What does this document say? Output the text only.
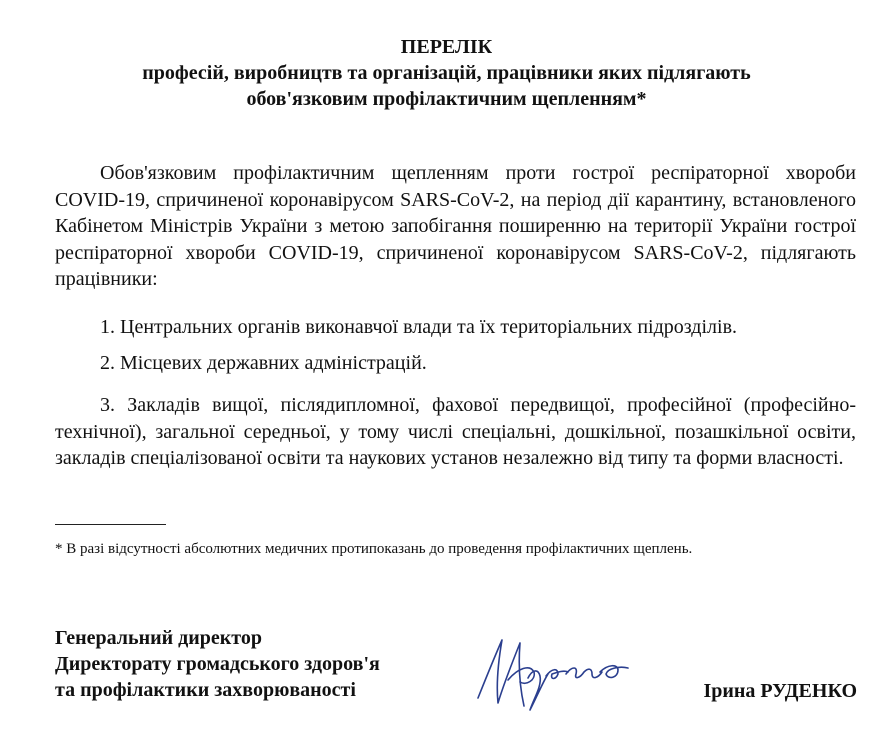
ПЕРЕЛІК
професій, виробництв та організацій, працівники яких підлягають
обов'язковим профілактичним щепленням*
Обов'язковим профілактичним щепленням проти гострої респіраторної хвороби COVID-19, спричиненої коронавірусом SARS-CoV-2, на період дії карантину, встановленого Кабінетом Міністрів України з метою запобігання поширенню на території України гострої респіраторної хвороби COVID-19, спричиненої коронавірусом SARS-CoV-2, підлягають працівники:
1. Центральних органів виконавчої влади та їх територіальних підрозділів.
2. Місцевих державних адміністрацій.
3. Закладів вищої, післядипломної, фахової передвищої, професійної (професійно-технічної), загальної середньої, у тому числі спеціальні, дошкільної, позашкільної освіти, закладів спеціалізованої освіти та наукових установ незалежно від типу та форми власності.
* В разі відсутності абсолютних медичних протипоказань до проведення профілактичних щеплень.
Генеральний директор
Директорату громадського здоров'я
та профілактики захворюваності	Ірина РУДЕНКО
